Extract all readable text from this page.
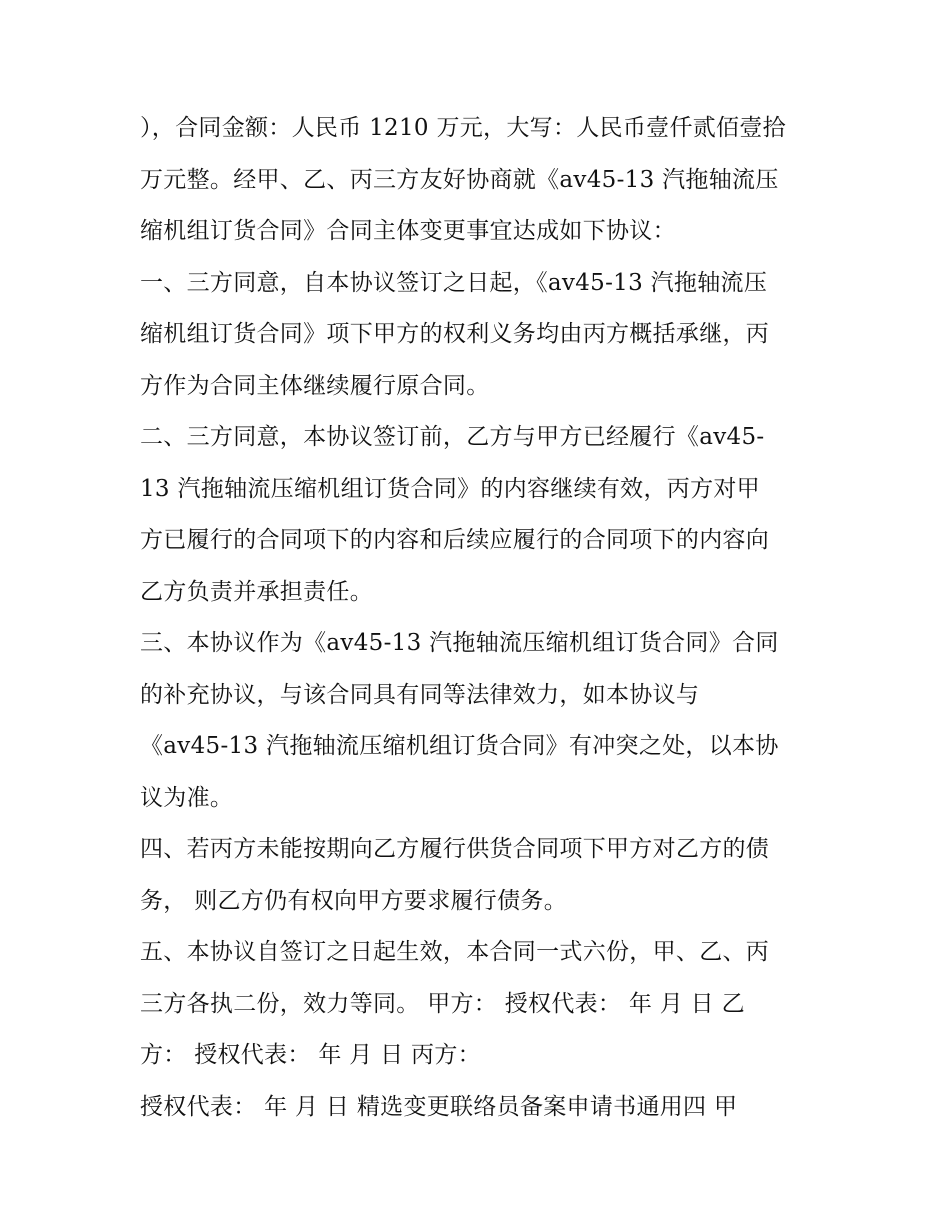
），合同金额：人民币 1210 万元，大写：人民币壹仟贰佰壹拾
万元整。经甲、乙、丙三方友好协商就《av45-13 汽拖轴流压
缩机组订货合同》合同主体变更事宜达成如下协议：
一、三方同意，自本协议签订之日起，《av45-13 汽拖轴流压
缩机组订货合同》项下甲方的权利义务均由丙方概括承继，丙
方作为合同主体继续履行原合同。
二、三方同意，本协议签订前，乙方与甲方已经履行《av45-
13 汽拖轴流压缩机组订货合同》的内容继续有效，丙方对甲
方已履行的合同项下的内容和后续应履行的合同项下的内容向
乙方负责并承担责任。
三、本协议作为《av45-13 汽拖轴流压缩机组订货合同》合同
的补充协议，与该合同具有同等法律效力，如本协议与
《av45-13 汽拖轴流压缩机组订货合同》有冲突之处，以本协
议为准。
四、若丙方未能按期向乙方履行供货合同项下甲方对乙方的债
务， 则乙方仍有权向甲方要求履行债务。
五、本协议自签订之日起生效，本合同一式六份，甲、乙、丙
三方各执二份，效力等同。 甲方： 授权代表： 年 月 日 乙
方： 授权代表： 年 月 日 丙方：
授权代表： 年 月 日 精选变更联络员备案申请书通用四 甲
